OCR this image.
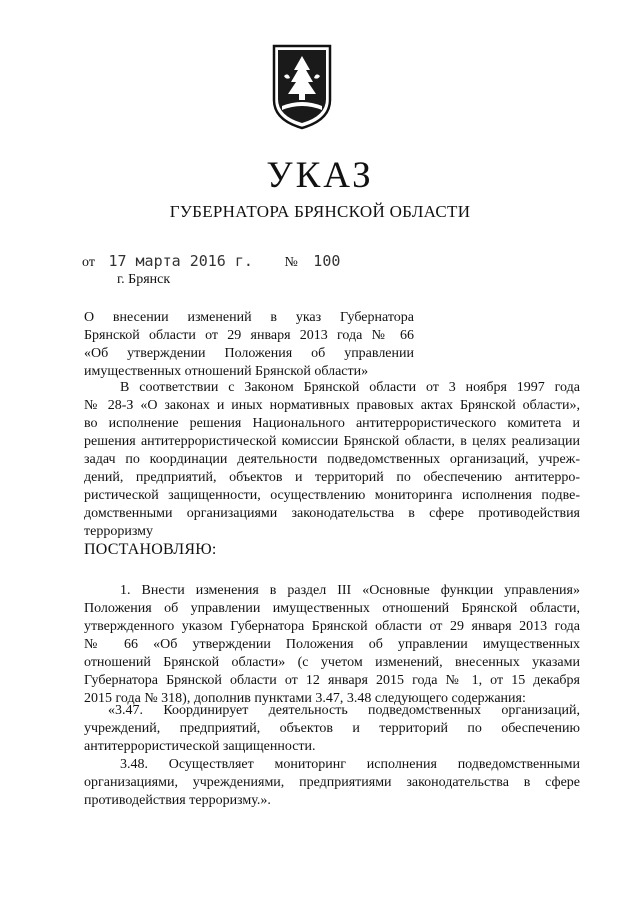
УКАЗ
ГУБЕРНАТОРА БРЯНСКОЙ ОБЛАСТИ
от 17 марта 2016 г. № 100
г. Брянск
О внесении изменений в указ Губернатора
Брянской области от 29 января 2013 года № 66
«Об утверждении Положения об управлении
имущественных отношений Брянской области»
В соответствии с Законом Брянской области от 3 ноября 1997 года
№ 28-З «О законах и иных нормативных правовых актах Брянской области»,
во исполнение решения Национального антитеррористического комитета и
решения антитеррористической комиссии Брянской области, в целях реализации
задач по координации деятельности подведомственных организаций, учреж-
дений, предприятий, объектов и территорий по обеспечению антитерро-
ристической защищенности, осуществлению мониторинга исполнения подве-
домственными организациями законодательства в сфере противодействия
терроризму
ПОСТАНОВЛЯЮ:
1. Внести изменения в раздел III «Основные функции управления»
Положения об управлении имущественных отношений Брянской области,
утвержденного указом Губернатора Брянской области от 29 января 2013 года
№ 66 «Об утверждении Положения об управлении имущественных
отношений Брянской области» (с учетом изменений, внесенных указами
Губернатора Брянской области от 12 января 2015 года № 1, от 15 декабря
2015 года № 318), дополнив пунктами 3.47, 3.48 следующего содержания:
«3.47. Координирует деятельность подведомственных организаций,
учреждений, предприятий, объектов и территорий по обеспечению
антитеррористической защищенности.
3.48. Осуществляет мониторинг исполнения подведомственными
организациями, учреждениями, предприятиями законодательства в сфере
противодействия терроризму.».
